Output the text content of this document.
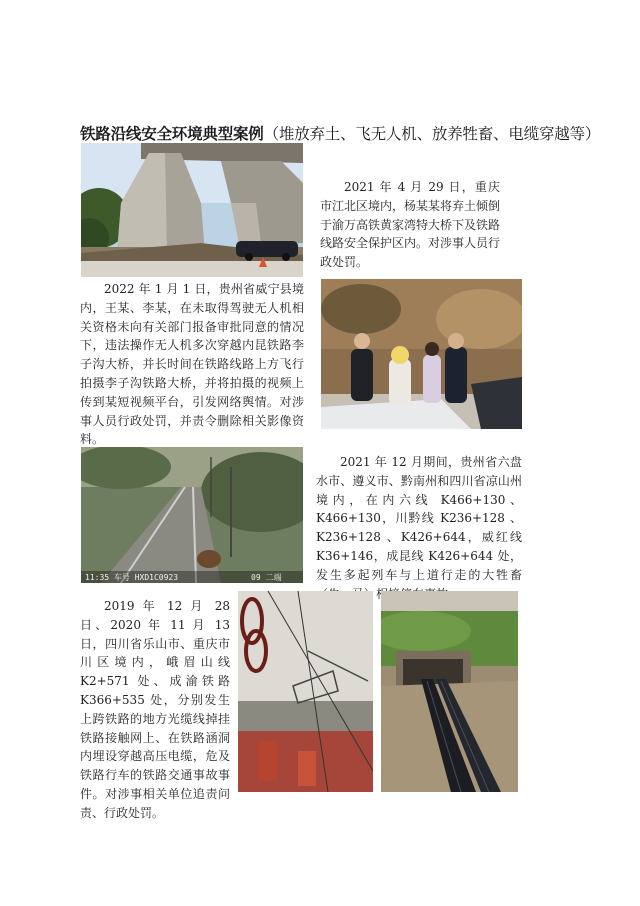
铁路沿线安全环境典型案例（堆放弃土、飞无人机、放养牲畜、电缆穿越等）
2021 年 4 月 29 日，重庆市江北区境内，杨某某将弃土倾倒于渝万高铁黄家湾特大桥下及铁路线路安全保护区内。对涉事人员行政处罚。
2022 年 1 月 1 日，贵州省威宁县境内，王某、李某，在未取得驾驶无人机相关资格未向有关部门报备审批同意的情况下，违法操作无人机多次穿越内昆铁路李子沟大桥，并长时间在铁路线路上方飞行拍摄李子沟铁路大桥，并将拍摄的视频上传到某短视频平台，引发网络舆情。对涉事人员行政处罚，并责令删除相关影像资料。
11:35 车号 HXD1C0923	09 二端
2021 年 12 月期间，贵州省六盘水市、遵义市、黔南州和四川省凉山州境内，在内六线 K466+130、K466+130，川黔线 K236+128 、K236+128 、K426+644，威红线 K36+146，成昆线 K426+644 处，发生多起列车与上道行走的大牲畜 ）相
2019 年 12 月 28 日、2020 年 11 月 13 日，四川省乐山市、重庆市川区境内，峨眉山线 K2+571 处、成渝铁路 K366+535 处，分别发生上跨铁路的地方光缆线掉挂铁路接触网上、在铁路涵洞内埋设穿越高压电缆，危及铁路行车的铁路交通事故事件。对涉事相关单位追责问责、行政处罚。
